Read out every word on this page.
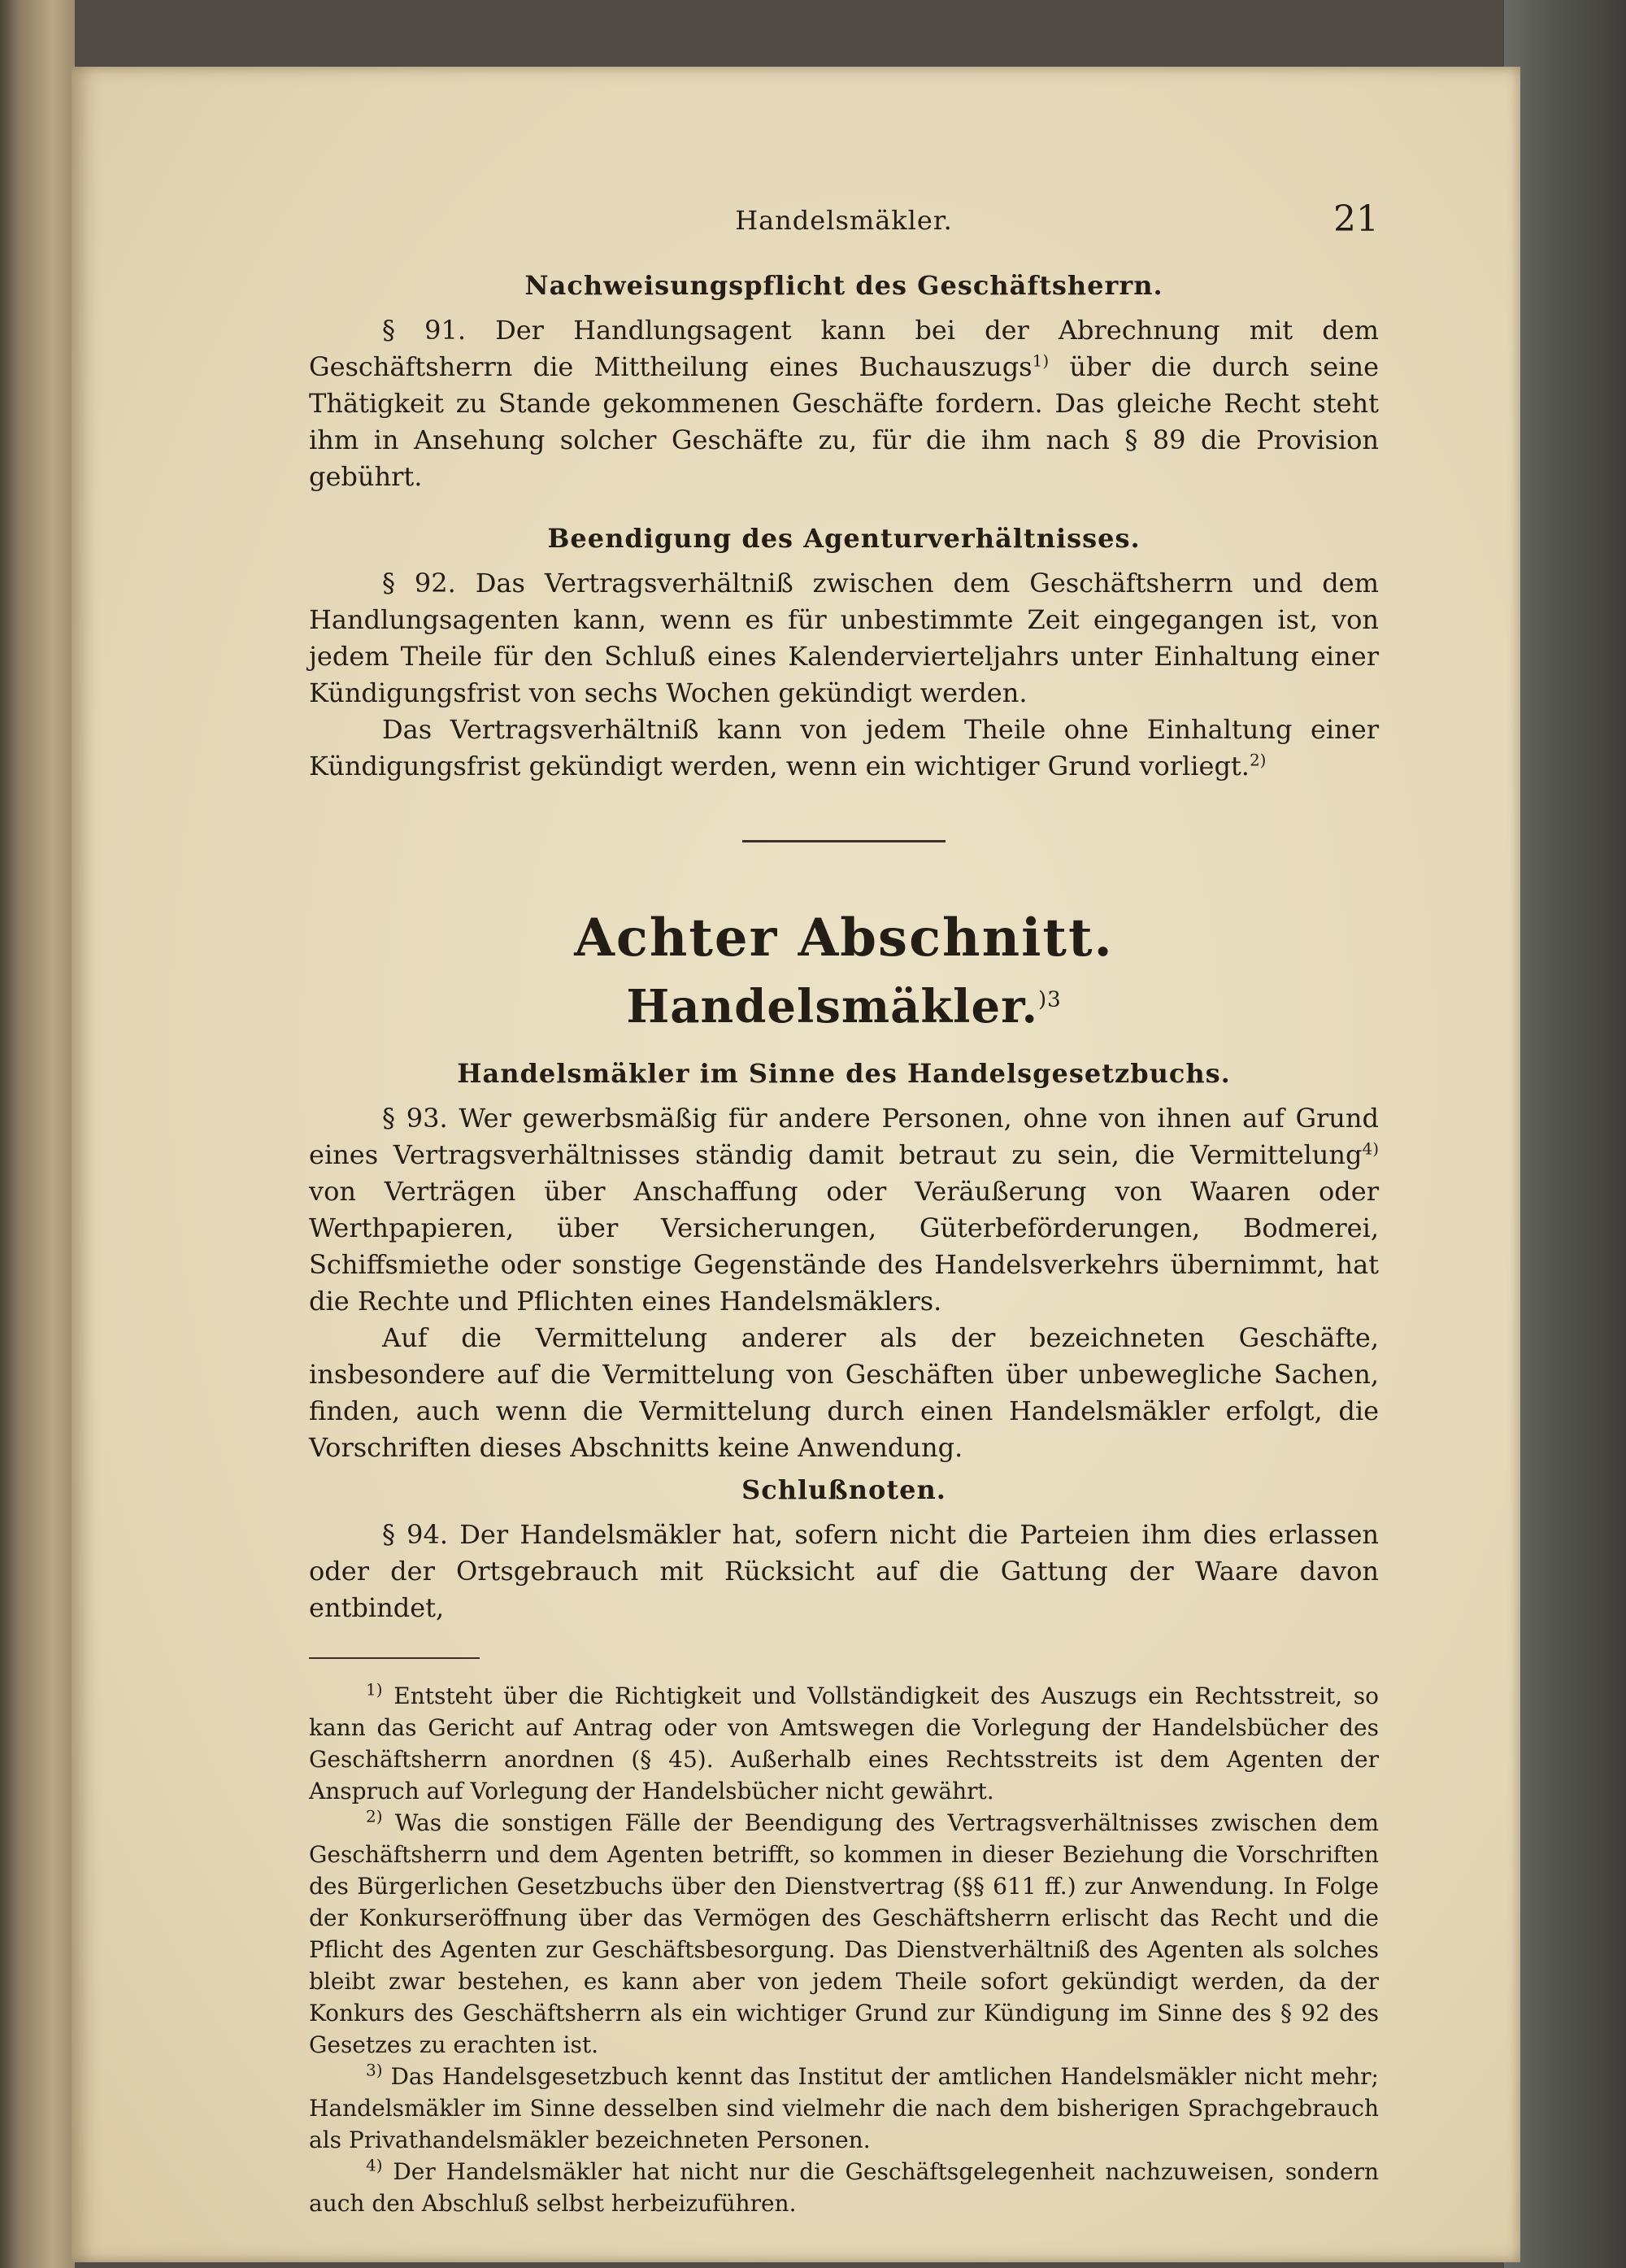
Handelsmäkler.	21
Nachweisungspflicht des Geschäftsherrn.

§ 91. Der Handlungsagent kann bei der Abrechnung mit dem Geschäftsherrn die Mittheilung eines Buchauszugs$^{1)}$ über die durch seine Thätigkeit zu Stande gekommenen Geschäfte fordern. Das gleiche Recht steht ihm in Ansehung solcher Geschäfte zu, für die ihm nach § 89 die Provision gebührt.

Beendigung des Agenturverhältnisses.

§ 92. Das Vertragsverhältniß zwischen dem Geschäftsherrn und dem Handlungsagenten kann, wenn es für unbestimmte Zeit eingegangen ist, von jedem Theile für den Schluß eines Kalendervierteljahrs unter Einhaltung einer Kündigungsfrist von sechs Wochen gekündigt werden.

Das Vertragsverhältniß kann von jedem Theile ohne Einhaltung einer Kündigungsfrist gekündigt werden, wenn ein wichtiger Grund vorliegt.$^{2)}$

Achter Abschnitt.
Handelsmäkler.$^{)3}$
Handelsmäkler im Sinne des Handelsgesetzbuchs.

§ 93. Wer gewerbsmäßig für andere Personen, ohne von ihnen auf Grund eines Vertragsverhältnisses ständig damit betraut zu sein, die Vermittelung$^{4)}$ von Verträgen über Anschaffung oder Veräußerung von Waaren oder Werthpapieren, über Versicherungen, Güterbeförderungen, Bodmerei, Schiffsmiethe oder sonstige Gegenstände des Handelsverkehrs übernimmt, hat die Rechte und Pflichten eines Handelsmäklers.

Auf die Vermittelung anderer als der bezeichneten Geschäfte, insbesondere auf die Vermittelung von Geschäften über unbewegliche Sachen, finden, auch wenn die Vermittelung durch einen Handelsmäkler erfolgt, die Vorschriften dieses Abschnitts keine Anwendung.

Schlußnoten.

§ 94. Der Handelsmäkler hat, sofern nicht die Parteien ihm dies erlassen oder der Ortsgebrauch mit Rücksicht auf die Gattung der Waare davon entbindet,

$^{1)}$ Entsteht über die Richtigkeit und Vollständigkeit des Auszugs ein Rechtsstreit, so kann das Gericht auf Antrag oder von Amtswegen die Vorlegung der Handelsbücher des Geschäftsherrn anordnen (§ 45). Außerhalb eines Rechtsstreits ist dem Agenten der Anspruch auf Vorlegung der Handelsbücher nicht gewährt.

$^{2)}$ Was die sonstigen Fälle der Beendigung des Vertragsverhältnisses zwischen dem Geschäftsherrn und dem Agenten betrifft, so kommen in dieser Beziehung die Vorschriften des Bürgerlichen Gesetzbuchs über den Dienstvertrag (§§ 611 ff.) zur Anwendung. In Folge der Konkurseröffnung über das Vermögen des Geschäftsherrn erlischt das Recht und die Pflicht des Agenten zur Geschäftsbesorgung. Das Dienstverhältniß des Agenten als solches bleibt zwar bestehen, es kann aber von jedem Theile sofort gekündigt werden, da der Konkurs des Geschäftsherrn als ein wichtiger Grund zur Kündigung im Sinne des § 92 des Gesetzes zu erachten ist.

$^{3)}$ Das Handelsgesetzbuch kennt das Institut der amtlichen Handelsmäkler nicht mehr; Handelsmäkler im Sinne desselben sind vielmehr die nach dem bisherigen Sprachgebrauch als Privathandelsmäkler bezeichneten Personen.

$^{4)}$ Der Handelsmäkler hat nicht nur die Geschäftsgelegenheit nachzuweisen, sondern auch den Abschluß selbst herbeizuführen.
